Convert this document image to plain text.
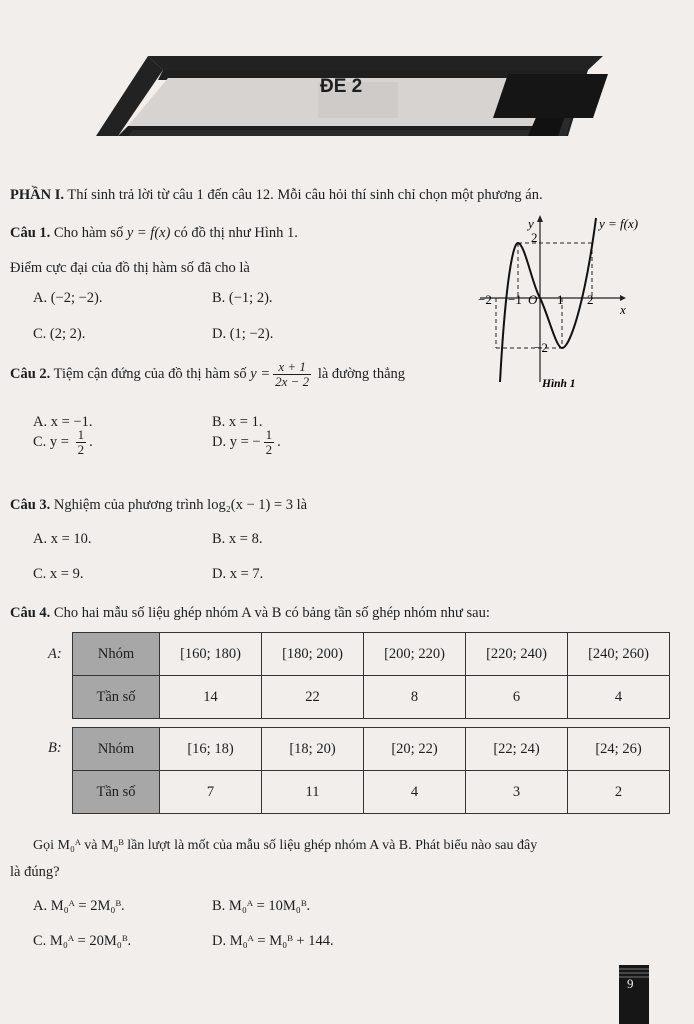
ĐỀ 2
PHẦN I. Thí sinh trả lời từ câu 1 đến câu 12. Mỗi câu hỏi thí sinh chỉ chọn một phương án.
Câu 1. Cho hàm số y = f(x) có đồ thị như Hình 1.
Điểm cực đại của đồ thị hàm số đã cho là
A. (−2; −2).	B. (−1; 2).
C. (2; 2).	D. (1; −2).
y	y = f(x)
x
2
−2 −1 O 1 2
−2
Hình 1
Câu 2. Tiệm cận đứng của đồ thị hàm số $y = \frac{x + 1}{2x - 2}$ là đường thẳng
A. x = −1.	B. x = 1.
C. $y = \frac{1}{2}$ .	D. y = − $\frac{1}{2}$ .
Câu 3. Nghiệm của phương trình log₂(x − 1) = 3 là
A. x = 10.	B. x = 8.
C. x = 9.	D. x = 7.
Câu 4. Cho hai mẫu số liệu ghép nhóm A và B có bảng tần số ghép nhóm như sau:
A: Nhóm	[160; 180)	[180; 200)	[200; 220)	[220; 240)	[240; 260)
Tần số	14	22	8	6	4
B: Nhóm	[16; 18)	[18; 20)	[20; 22)	[22; 24)	[24; 26)
Tần số	7	11	4	3	2
Gọi M₀ᴬ và M₀ᴮ lần lượt là mốt của mẫu số liệu ghép nhóm A và B. Phát biểu nào sau đây
là đúng?
A. M₀ᴬ = 2M₀ᴮ.	B. M₀ᴬ = 10M₀ᴮ.
C. M₀ᴬ = 20M₀ᴮ.	D. M₀ᴬ = M₀ᴮ + 144.
9
